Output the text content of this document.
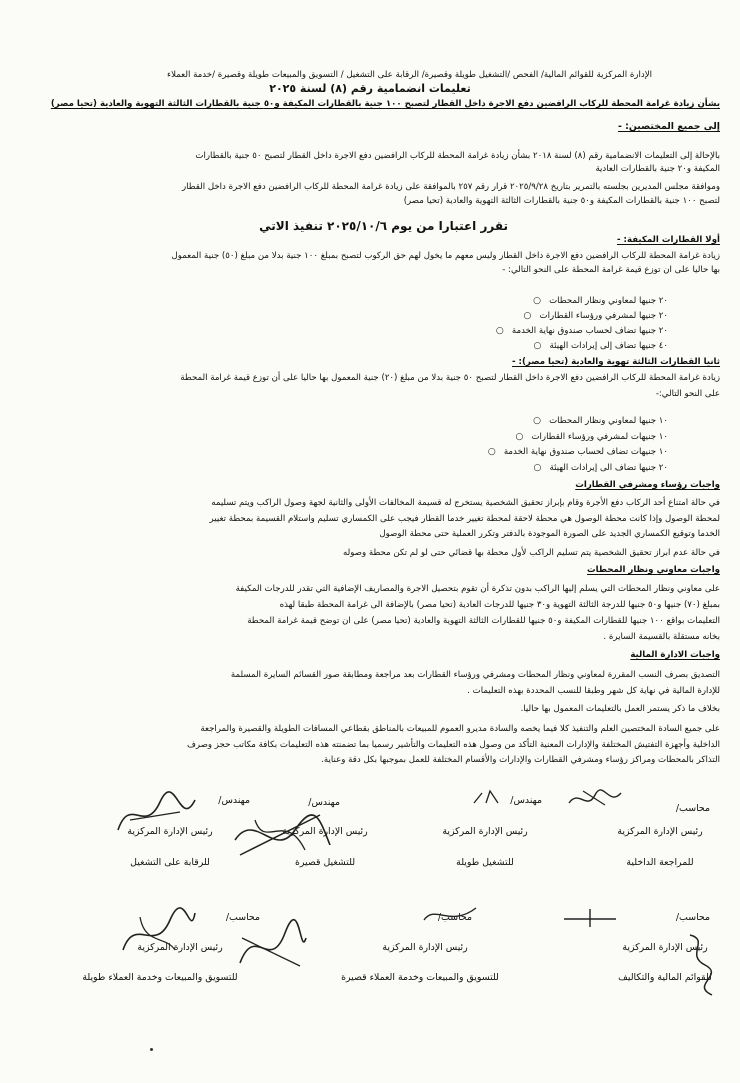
الإدارة المركزية للقوائم المالية/ الفحص /التشغيل طويلة وقصيرة/ الرقابة على التشغيل / التسويق والمبيعات طويلة وقصيرة /خدمة العملاء
تعليمات انضمامية رقم (٨) لسنة ٢٠٢٥
بشأن زيادة غرامة المحطة للركاب الرافضين دفع الاجرة داخل القطار لتصبح ١٠٠ جنية بالقطارات المكيفة و٥٠ جنية بالقطارات الثالثة التهوية والعادية (تحيا مصر)
إلى جميع المختصين: -
بالإحالة إلى التعليمات الانضمامية رقم (٨) لسنة ٢٠١٨ بشأن زيادة غرامة المحطة للركاب الرافضين دفع الاجرة داخل القطار لتصبح ٥٠ جنية بالقطارات
المكيفة و٢٠ جنية بالقطارات العادية
وموافقة مجلس المديرين بجلسته بالتمرير بتاريخ ٢٠٢٥/٩/٢٨ قرار رقم ٢٥٧ بالموافقة على زيادة غرامة المحطة للركاب الرافضين دفع الاجرة داخل القطار
لتصبح ١٠٠ جنية بالقطارات المكيفة و٥٠ جنية بالقطارات الثالثة التهوية والعادية (تحيا مصر)
تقرر اعتبارا من يوم ٢٠٢٥/١٠/٦ تنفيذ الاتي
أولا القطارات المكيفة: -
زيادة غرامة المحطة للركاب الرافضين دفع الاجرة داخل القطار وليس معهم ما يخول لهم حق الركوب لتصبح بمبلغ ١٠٠ جنية بدلا من مبلغ (٥٠) جنية المعمول
بها حاليا على ان توزع قيمة غرامة المحطة على النحو التالي: -
٢٠ جنيها لمعاوني ونظار المحطات ○
٢٠ جنيها لمشرفي ورؤساء القطارات ○
٢٠ جنيها تضاف لحساب صندوق نهاية الخدمة ○
٤٠ جنيها تضاف إلى إيرادات الهيئة ○
ثانيا القطارات الثالثة تهوية والعادية (تحيا مصر): -
زيادة غرامة المحطة للركاب الرافضين دفع الاجرة داخل القطار لتصبح ٥٠ جنية بدلا من مبلغ (٢٠) جنية المعمول بها حاليا على أن توزع قيمة غرامة المحطة
على النحو التالي:-
١٠ جنيها لمعاوني ونظار المحطات ○
١٠ جنيهات لمشرفي ورؤساء القطارات ○
١٠ جنيهات تضاف لحساب صندوق نهاية الخدمة ○
٢٠ جنيها تضاف الى إيرادات الهيئة ○
واجبات رؤساء ومشرفي القطارات
في حالة امتناع أحد الركاب دفع الأجرة وقام بإبراز تحقيق الشخصية يستخرج له قسيمة المخالفات الأولى والثانية لجهة وصول الراكب ويتم تسليمه
لمحطة الوصول وإذا كانت محطة الوصول هي محطة لاحقة لمحطة تغيير خدما القطار فيجب على الكمساري تسليم واستلام القسيمة بمحطة تغيير
الخدما وتوقيع الكمساري الجديد على الصورة الموجودة بالدفتر وتكرر العملية حتى محطة الوصول
في حالة عدم ابراز تحقيق الشخصية يتم تسليم الراكب لأول محطة بها قضائي حتى لو لم تكن محطة وصوله
واجبات معاوني ونظار المحطات
على معاوني ونظار المحطات التي يسلم إليها الراكب بدون تذكرة أن تقوم بتحصيل الاجرة والمصاريف الإضافية التي تقدر للدرجات المكيفة
بمبلغ (٧٠) جنيها و٥٠ جنيها للدرجة الثالثة التهوية و٣٠ جنيها للدرجات العادية (تحيا مصر) بالإضافة الى غرامة المحطة طبقا لهذه
التعليمات بواقع ١٠٠ جنيها للقطارات المكيفة و٥٠ جنيها للقطارات الثالثة التهوية والعادية (تحيا مصر) على ان توضح قيمة غرامة المحطة
بخانه مستقلة بالقسيمة السايرة .
واجبات الادارة المالية
التصديق بصرف النسب المقررة لمعاوني ونظار المحطات ومشرفي ورؤساء القطارات بعد مراجعة ومطابقة صور القسائم السايرة المسلمة
للإدارة المالية في نهاية كل شهر وطبقا للنسب المحددة بهذه التعليمات .
بخلاف ما ذكر يستمر العمل بالتعليمات المعمول بها حاليا.
على جميع السادة المختصين العلم والتنفيذ كلا فيما يخصه والسادة مديرو العموم للمبيعات بالمناطق بقطاعي المسافات الطويلة والقصيرة والمراجعة
الداخلية وأجهزة التفتيش المختلفة والإدارات المعنية التأكد من وصول هذه التعليمات والتأشير رسميا بما تضمنته هذه التعليمات بكافة مكاتب حجز وصرف
التذاكر بالمحطات ومراكز رؤساء ومشرفي القطارات والإدارات والأقسام المختلفة للعمل بموجبها بكل دقة وعناية.
محاسب/
رئيس الإدارة المركزية
للمراجعة الداخلية
مهندس/
رئيس الإدارة المركزية
للتشغيل طويلة
مهندس/
رئيس الإدارة المركزية
للتشغيل قصيرة
مهندس/
رئيس الإدارة المركزية
للرقابة على التشغيل
محاسب/
رئيس الإدارة المركزية
للقوائم المالية والتكاليف
محاسب/
رئيس الإدارة المركزية
للتسويق والمبيعات وخدمة العملاء قصيرة
محاسب/
رئيس الإدارة المركزية
للتسويق والمبيعات وخدمة العملاء طويلة
